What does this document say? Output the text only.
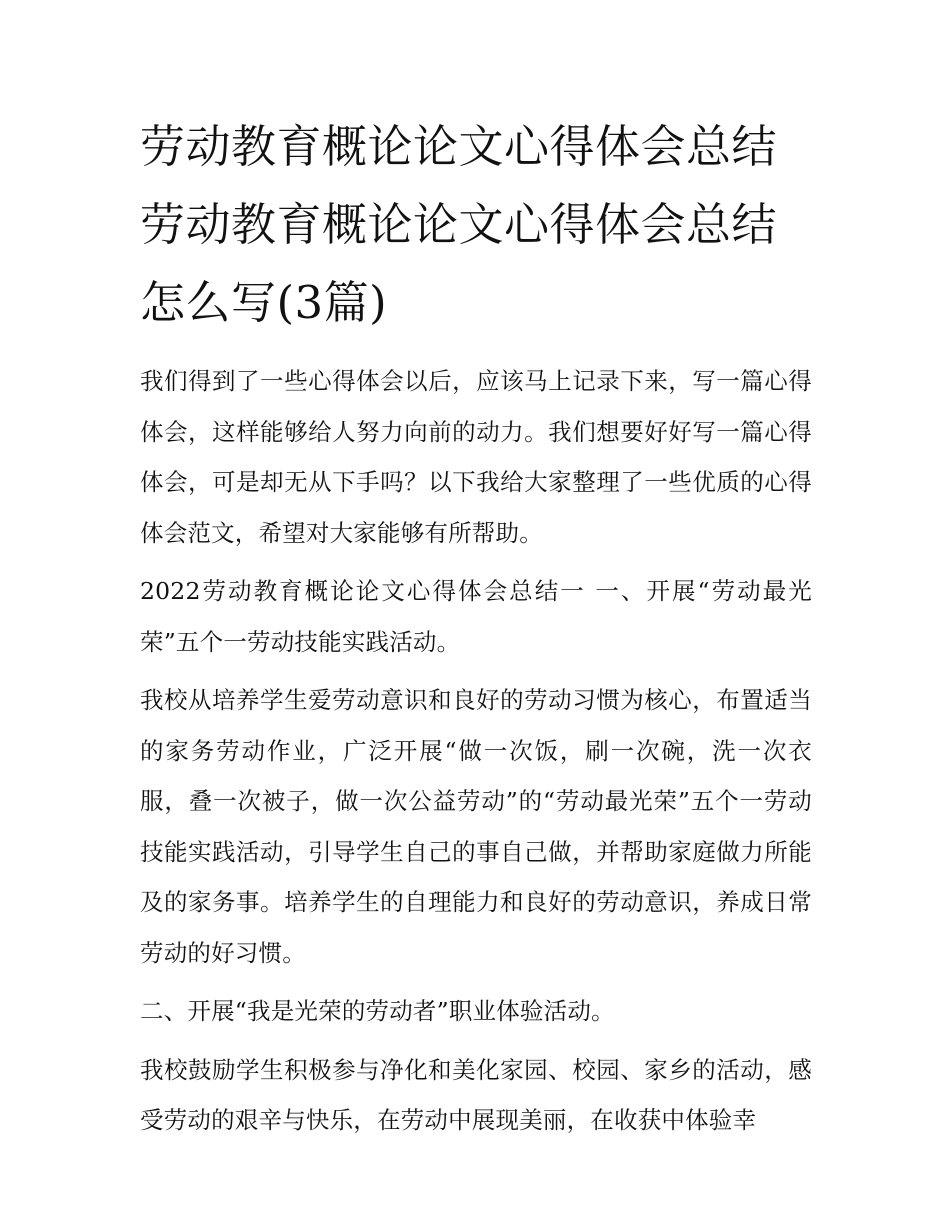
劳动教育概论论文心得体会总结 劳动教育概论论文心得体会总结怎么写(3篇)

我们得到了一些心得体会以后，应该马上记录下来，写一篇心得体会，这样能够给人努力向前的动力。我们想要好好写一篇心得体会，可是却无从下手吗？以下我给大家整理了一些优质的心得体会范文，希望对大家能够有所帮助。

2022劳动教育概论论文心得体会总结一 一、开展“劳动最光荣”五个一劳动技能实践活动。

我校从培养学生爱劳动意识和良好的劳动习惯为核心，布置适当的家务劳动作业，广泛开展“做一次饭，刷一次碗，洗一次衣服，叠一次被子，做一次公益劳动”的“劳动最光荣”五个一劳动技能实践活动，引导学生自己的事自己做，并帮助家庭做力所能及的家务事。培养学生的自理能力和良好的劳动意识，养成日常劳动的好习惯。

二、开展“我是光荣的劳动者”职业体验活动。

我校鼓励学生积极参与净化和美化家园、校园、家乡的活动，感受劳动的艰辛与快乐，在劳动中展现美丽，在收获中体验幸
